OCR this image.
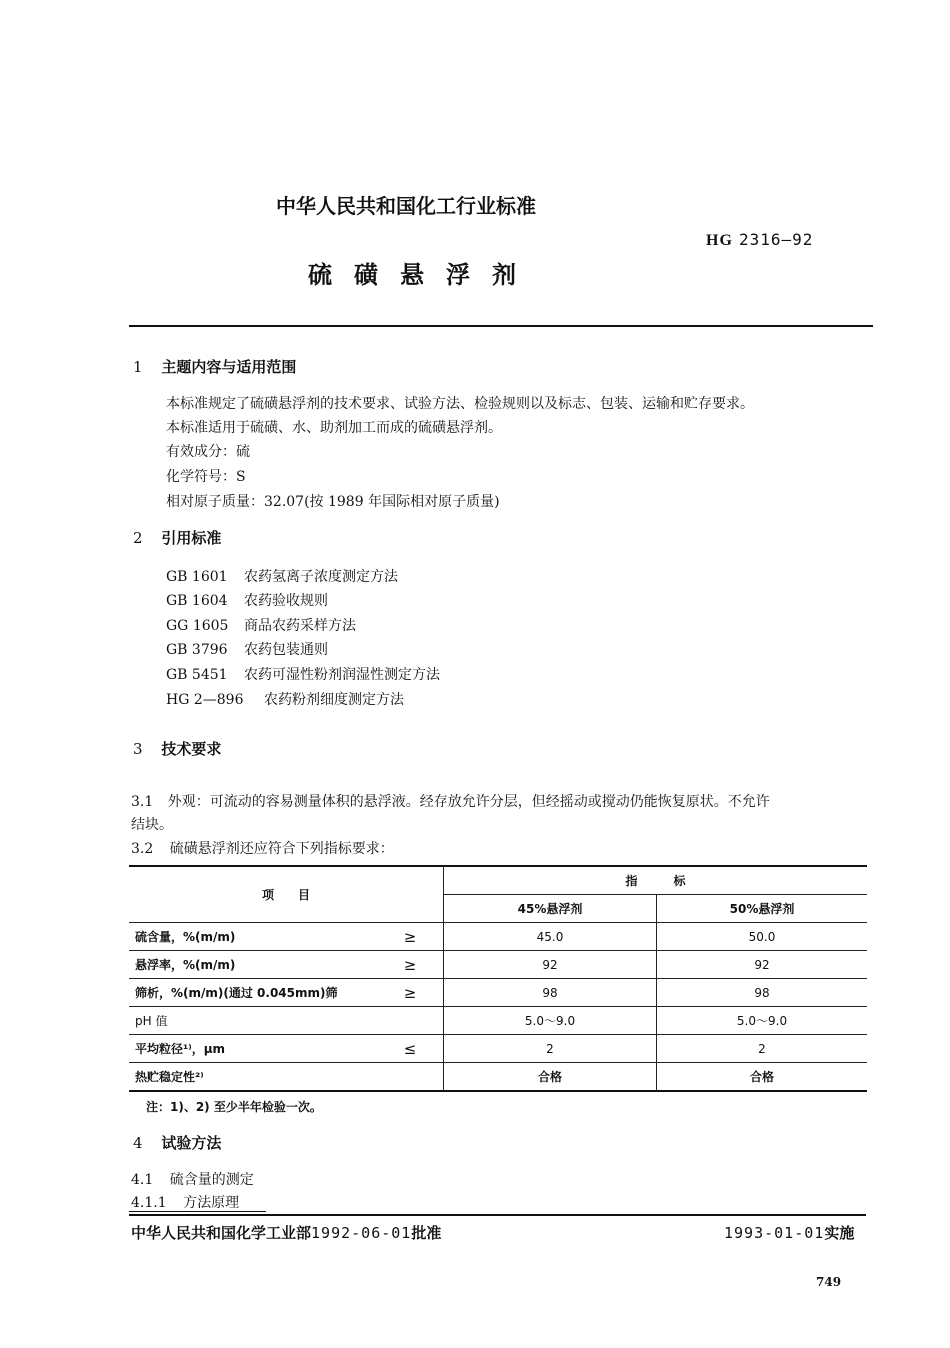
中华人民共和国化工行业标准
HG 2316—92
硫磺悬浮剂
1 主题内容与适用范围
本标准规定了硫磺悬浮剂的技术要求、试验方法、检验规则以及标志、包装、运输和贮存要求。
本标准适用于硫磺、水、助剂加工而成的硫磺悬浮剂。
有效成分：硫
化学符号：S
相对原子质量：32.07(按 1989 年国际相对原子质量)
2 引用标准
GB 1601 农药氢离子浓度测定方法
GB 1604 农药验收规则
GG 1605 商品农药采样方法
GB 3796 农药包装通则
GB 5451 农药可湿性粉剂润湿性测定方法
HG 2—896 农药粉剂细度测定方法
3 技术要求
3.1 外观：可流动的容易测量体积的悬浮液。经存放允许分层，但经摇动或搅动仍能恢复原状。不允许
结块。
3.2 硫磺悬浮剂还应符合下列指标要求：
项　　目		指　　　标	
		45%悬浮剂	50%悬浮剂
硫含量，%(m/m)	≥	45.0	50.0
悬浮率，%(m/m)	≥	92	92
筛析，%(m/m)(通过 0.045mm)筛	≥	98	98
pH 值		5.0～9.0	5.0～9.0
平均粒径¹⁾，μm	≤	2	2
热贮稳定性²⁾		合格	合格
注：1)、2) 至少半年检验一次。
4 试验方法
4.1 硫含量的测定
4.1.1 方法原理
中华人民共和国化学工业部1992-06-01批准	1993-01-01实施
749
